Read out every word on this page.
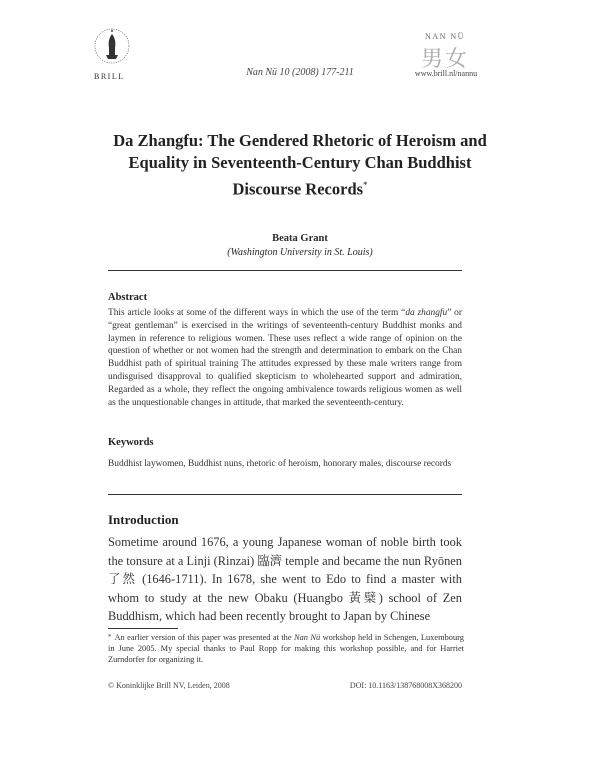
BRILL	Nan Nü 10 (2008) 177-211
NAN NÜ
男女
www.brill.nl/nannu
Da Zhangfu: The Gendered Rhetoric of Heroism and Equality in Seventeenth-Century Chan Buddhist Discourse Records*
Beata Grant
(Washington University in St. Louis)
Abstract
This article looks at some of the different ways in which the use of the term “da zhangfu” or “great gentleman” is exercised in the writings of seventeenth-century Buddhist monks and laymen in reference to religious women. These uses reflect a wide range of opinion on the question of whether or not women had the strength and determination to embark on the Chan Buddhist path of spiritual training The attitudes expressed by these male writers range from undisguised disapproval to qualified skepticism to wholehearted support and admiration, Regarded as a whole, they reflect the ongoing ambivalence towards religious women as well as the unquestionable changes in attitude, that marked the seventeenth-century.
Keywords
Buddhist laywomen, Buddhist nuns, rhetoric of heroism, honorary males, discourse records
Introduction
Sometime around 1676, a young Japanese woman of noble birth took the tonsure at a Linji (Rinzai) 臨濟 temple and became the nun Ryōnen 了然 (1646-1711). In 1678, she went to Edo to find a master with whom to study at the new Obaku (Huangbo 黃檗) school of Zen Buddhism, which had been recently brought to Japan by Chinese
* An earlier version of this paper was presented at the Nan Nü workshop held in Schengen, Luxembourg in June 2005. My special thanks to Paul Ropp for making this workshop possible, and for Harriet Zurndorfer for organizing it.
© Koninklijke Brill NV, Leiden, 2008	DOI: 10.1163/138768008X368200
